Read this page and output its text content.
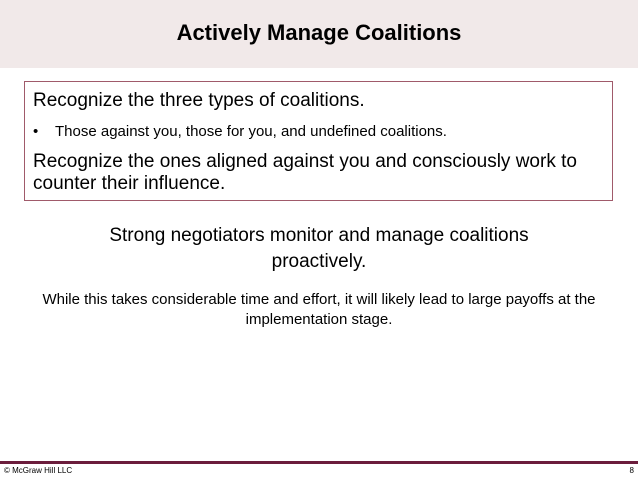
Actively Manage Coalitions
Recognize the three types of coalitions.
• Those against you, those for you, and undefined coalitions.
Recognize the ones aligned against you and consciously work to counter their influence.
Strong negotiators monitor and manage coalitions proactively.
While this takes considerable time and effort, it will likely lead to large payoffs at the implementation stage.
© McGraw Hill LLC	8
